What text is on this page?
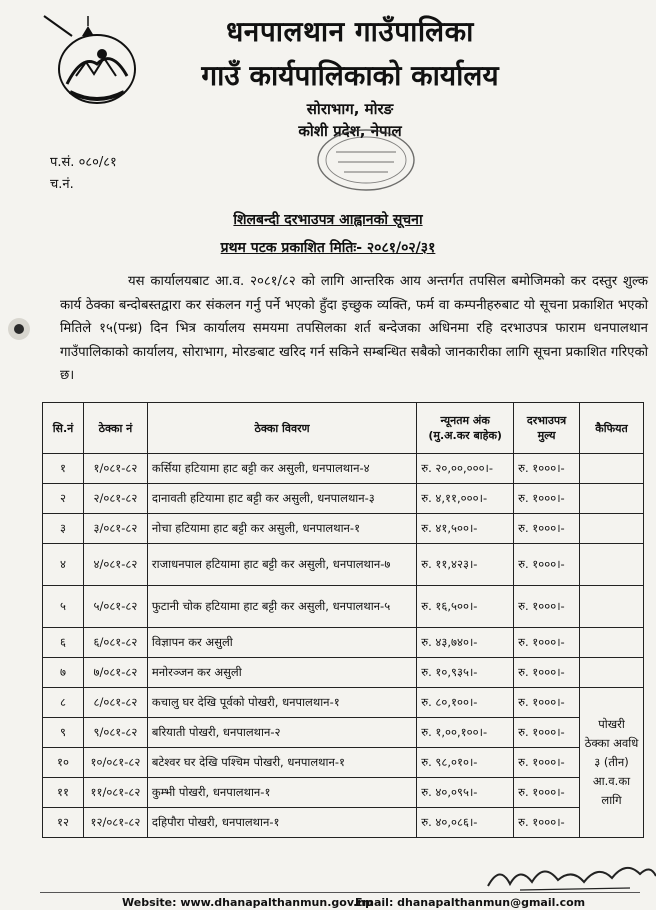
धनपालथान गाउँपालिका
गाउँ कार्यपालिकाको कार्यालय
सोराभाग, मोरङ
कोशी प्रदेश, नेपाल
प.सं. ०८०/८१
च.नं.
शिलबन्दी दरभाउपत्र आह्वानको सूचना
प्रथम पटक प्रकाशित मितिः- २०८१/०२/३१
यस कार्यालयबाट आ.व. २०८१/८२ को लागि आन्तरिक आय अन्तर्गत तपसिल बमोजिमको कर दस्तुर शुल्क कार्य ठेक्का बन्दोबस्तद्वारा कर संकलन गर्नु पर्ने भएको हुँदा इच्छुक व्यक्ति, फर्म वा कम्पनीहरुबाट यो सूचना प्रकाशित भएको मितिले १५(पन्ध्र) दिन भित्र कार्यालय समयमा तपसिलका शर्त बन्देजका अधिनमा रहि दरभाउपत्र फाराम धनपालथान गाउँपालिकाको कार्यालय, सोराभाग, मोरङबाट खरिद गर्न सकिने सम्बन्धित सबैको जानकारीका लागि सूचना प्रकाशित गरिएको छ।
सि.नं	ठेक्का नं	ठेक्का विवरण	न्यूनतम अंक (मु.अ.कर बाहेक)	दरभाउपत्र मुल्य	कैफियत
१	१/०८१-८२	कर्सिया हटियामा हाट बट्टी कर असुली, धनपालथान-४	रु. २०,००,०००।-	रु. १०००।-	
२	२/०८१-८२	दानावती हटियामा हाट बट्टी कर असुली, धनपालथान-३	रु. ४,११,०००।-	रु. १०००।-	
३	३/०८१-८२	नोचा हटियामा हाट बट्टी कर असुली, धनपालथान-१	रु. ४१,५००।-	रु. १०००।-	
४	४/०८१-८२	राजाधनपाल हटियामा हाट बट्टी कर असुली, धनपालथान-७	रु. ११,४२३।-	रु. १०००।-	
५	५/०८१-८२	फुटानी चोक हटियामा हाट बट्टी कर असुली, धनपालथान-५	रु. १६,५००।-	रु. १०००।-	
६	६/०८१-८२	विज्ञापन कर असुली	रु. ४३,७४०।-	रु. १०००।-	
७	७/०८१-८२	मनोरञ्जन कर असुली	रु. १०,९३५।-	रु. १०००।-	
८	८/०८१-८२	कचालु घर देखि पूर्वको पोखरी, धनपालथान-१	रु. ८०,१००।-	रु. १०००।-	पोखरी ठेक्का अवधि ३ (तीन) आ.व.का लागि
९	९/०८१-८२	बरियाती पोखरी, धनपालथान-२	रु. १,००,१००।-	रु. १०००।-	
१०	१०/०८१-८२	बटेश्वर घर देखि पश्चिम पोखरी, धनपालथान-१	रु. ९८,०१०।-	रु. १०००।-	
११	११/०८१-८२	कुम्भी पोखरी, धनपालथान-१	रु. ४०,०९५।-	रु. १०००।-	
१२	१२/०८१-८२	दहिपौरा पोखरी, धनपालथान-१	रु. ४०,०८६।-	रु. १०००।-	
Website: www.dhanapalthanmun.gov.np
Email: dhanapalthanmun@gmail.com
